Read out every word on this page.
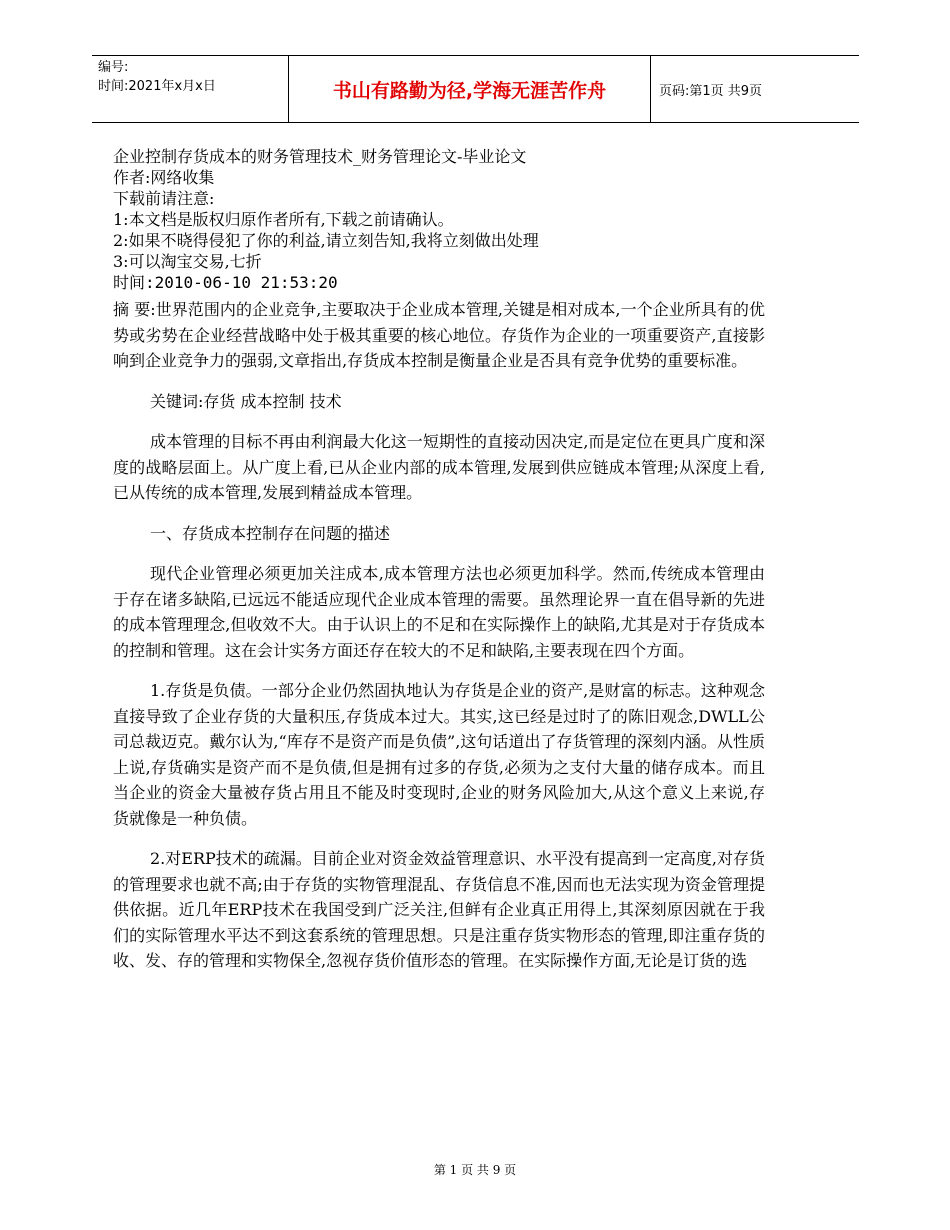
编号:
时间:2021年x月x日	书山有路勤为径,学海无涯苦作舟	页码:第1页 共9页
企业控制存货成本的财务管理技术_财务管理论文-毕业论文
作者:网络收集
下载前请注意:
1:本文档是版权归原作者所有,下载之前请确认。
2:如果不晓得侵犯了你的利益,请立刻告知,我将立刻做出处理
3:可以淘宝交易,七折
时间:2010-06-10 21:53:20

摘 要:世界范围内的企业竞争,主要取决于企业成本管理,关键是相对成本,一个企业所具有的优势或劣势在企业经营战略中处于极其重要的核心地位。存货作为企业的一项重要资产,直接影响到企业竞争力的强弱,文章指出,存货成本控制是衡量企业是否具有竞争优势的重要标准。

关键词:存货 成本控制 技术

成本管理的目标不再由利润最大化这一短期性的直接动因决定,而是定位在更具广度和深度的战略层面上。从广度上看,已从企业内部的成本管理,发展到供应链成本管理;从深度上看,已从传统的成本管理,发展到精益成本管理。

一、存货成本控制存在问题的描述

现代企业管理必须更加关注成本,成本管理方法也必须更加科学。然而,传统成本管理由于存在诸多缺陷,已远远不能适应现代企业成本管理的需要。虽然理论界一直在倡导新的先进的成本管理理念,但收效不大。由于认识上的不足和在实际操作上的缺陷,尤其是对于存货成本的控制和管理。这在会计实务方面还存在较大的不足和缺陷,主要表现在四个方面。

1.存货是负债。一部分企业仍然固执地认为存货是企业的资产,是财富的标志。这种观念直接导致了企业存货的大量积压,存货成本过大。其实,这已经是过时了的陈旧观念,DWLL公司总裁迈克。戴尔认为,“库存不是资产而是负债”,这句话道出了存货管理的深刻内涵。从性质上说,存货确实是资产而不是负债,但是拥有过多的存货,必须为之支付大量的储存成本。而且当企业的资金大量被存货占用且不能及时变现时,企业的财务风险加大,从这个意义上来说,存货就像是一种负债。

2.对ERP技术的疏漏。目前企业对资金效益管理意识、水平没有提高到一定高度,对存货的管理要求也就不高;由于存货的实物管理混乱、存货信息不准,因而也无法实现为资金管理提供依据。近几年ERP技术在我国受到广泛关注,但鲜有企业真正用得上,其深刻原因就在于我们的实际管理水平达不到这套系统的管理思想。只是注重存货实物形态的管理,即注重存货的收、发、存的管理和实物保全,忽视存货价值形态的管理。在实际操作方面,无论是订货的选

第 1 页 共 9 页
